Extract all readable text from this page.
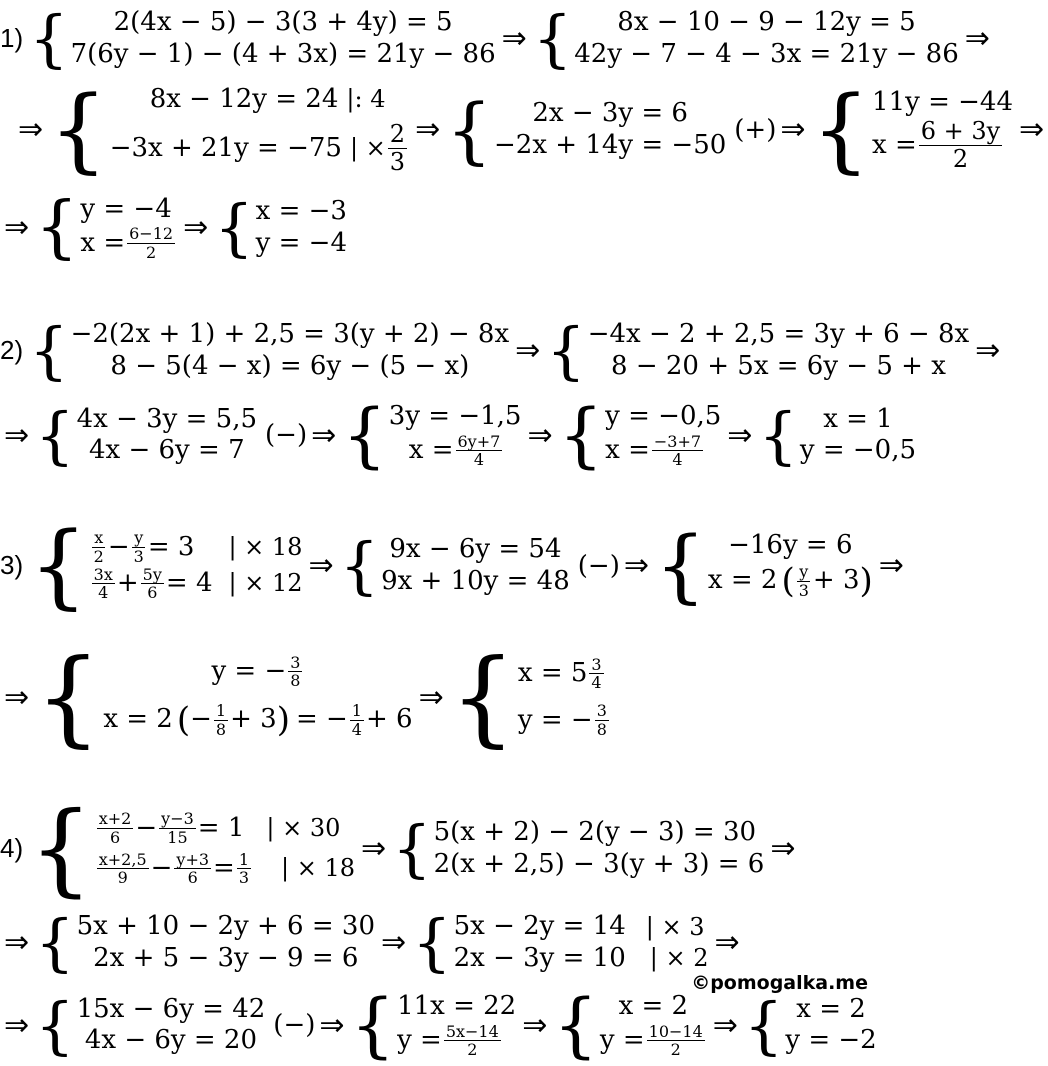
1) {	2(4x − 5) − 3(3 + 4y) = 5
7(6y − 1) − (4 + 3x) = 21y − 86 ⇒ {	8x − 10 − 9 − 12y = 5
42y − 7 − 4 − 3x = 21y − 86 ⇒
⇒ { 8x − 12y = 24 |: 4
−3x + 21y = −75 | × $\frac{2}{3}$ ⇒ {	2x − 3y = 6
−2x + 14y = −50 (+) ⇒ { 11y = −44
$x = \frac{6 + 3y}{2}$ ⇒
⇒ { y = −4
$x = \frac{6-12}{2}$ ⇒ { x = −3
y = −4
2) { −2(2x + 1) + 2,5 = 3(y + 2) − 8x
8 − 5(4 − x) = 6y − (5 − x)	⇒ { −4x − 2 + 2,5 = 3y + 6 − 8x
8 − 20 + 5x = 6y − 5 + x ⇒
⇒ { 4x − 3y = 5,5
4x − 6y = 7 (−) ⇒ { 3y = −1,5
$x = \frac{6y+7}{4}$ ⇒ { y = −0,5
$x = \frac{-3+7}{4}$ ⇒ { x = 1
y = −0,5
3) { $\frac{x}{2} - \frac{y}{3} = 3$ | × 18
$\frac{3x}{4} + \frac{5y}{6} = 4$ | × 12
⇒ { 9x − 6y = 54
9x + 10y = 48 (−) ⇒ { −16y = 6
x = 2 ( $\frac{y}{3} + 3$ ) ⇒
⇒ {	y = − $\frac{3}{8}$
x = 2 ( − $\frac{1}{8} + 3$ ) = − $\frac{1}{4} + 6$
⇒ { $x = 5 \frac{3}{4}$
y = − $\frac{3}{8}$
4) { $\frac{x+2}{6} - \frac{y-3}{15} = 1$ | × 30
$\frac{x+2,5}{9} - \frac{y+3}{6} = \frac{1}{3}$ | × 18
⇒ { 5(x + 2) − 2(y − 3) = 30
2(x + 2,5) − 3(y + 3) = 6 ⇒
⇒ { 5x + 10 − 2y + 6 = 30
2x + 5 − 3y − 9 = 6 ⇒ { 5x − 2y = 14 | × 3
2x − 3y = 10 | × 2 ⇒
⇒ { 15x − 6y = 42
4x − 6y = 20 (−) ⇒ { 11x = 22
$y = \frac{5x-14}{2}$ ⇒ { x = 2
$y = \frac{10-14}{2}$ ⇒ { x = 2
y = −2
©pomogalka.me
